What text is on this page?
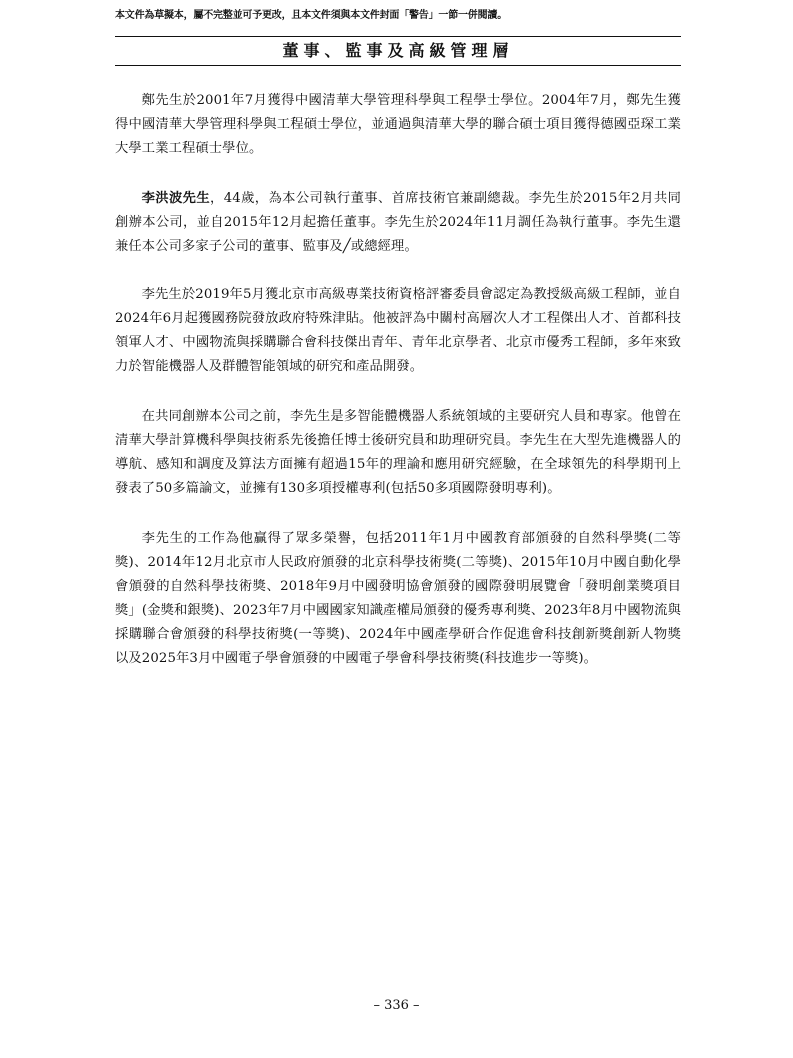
本文件為草擬本，屬不完整並可予更改，且本文件須與本文件封面「警告」一節一併閱讀。
董事、監事及高級管理層

鄭先生於2001年7月獲得中國清華大學管理科學與工程學士學位。2004年7月，鄭先生獲得中國清華大學管理科學與工程碩士學位，並通過與清華大學的聯合碩士項目獲得德國亞琛工業大學工業工程碩士學位。

李洪波先生，44歲，為本公司執行董事、首席技術官兼副總裁。李先生於2015年2月共同創辦本公司，並自2015年12月起擔任董事。李先生於2024年11月調任為執行董事。李先生還兼任本公司多家子公司的董事、監事及╱或總經理。

李先生於2019年5月獲北京市高級專業技術資格評審委員會認定為教授級高級工程師，並自2024年6月起獲國務院發放政府特殊津貼。他被評為中關村高層次人才工程傑出人才、首都科技領軍人才、中國物流與採購聯合會科技傑出青年、青年北京學者、北京市優秀工程師，多年來致力於智能機器人及群體智能領域的研究和產品開發。

在共同創辦本公司之前，李先生是多智能體機器人系統領域的主要研究人員和專家。他曾在清華大學計算機科學與技術系先後擔任博士後研究員和助理研究員。李先生在大型先進機器人的導航、感知和調度及算法方面擁有超過15年的理論和應用研究經驗，在全球領先的科學期刊上發表了50多篇論文，並擁有130多項授權專利(包括50多項國際發明專利)。

李先生的工作為他贏得了眾多榮譽，包括2011年1月中國教育部頒發的自然科學獎(二等獎)、2014年12月北京市人民政府頒發的北京科學技術獎(二等獎)、2015年10月中國自動化學會頒發的自然科學技術獎、2018年9月中國發明協會頒發的國際發明展覽會「發明創業獎項目獎」(金獎和銀獎)、2023年7月中國國家知識產權局頒發的優秀專利獎、2023年8月中國物流與採購聯合會頒發的科學技術獎(一等獎)、2024年中國產學研合作促進會科技創新獎創新人物獎以及2025年3月中國電子學會頒發的中國電子學會科學技術獎(科技進步一等獎)。

– 336 –
